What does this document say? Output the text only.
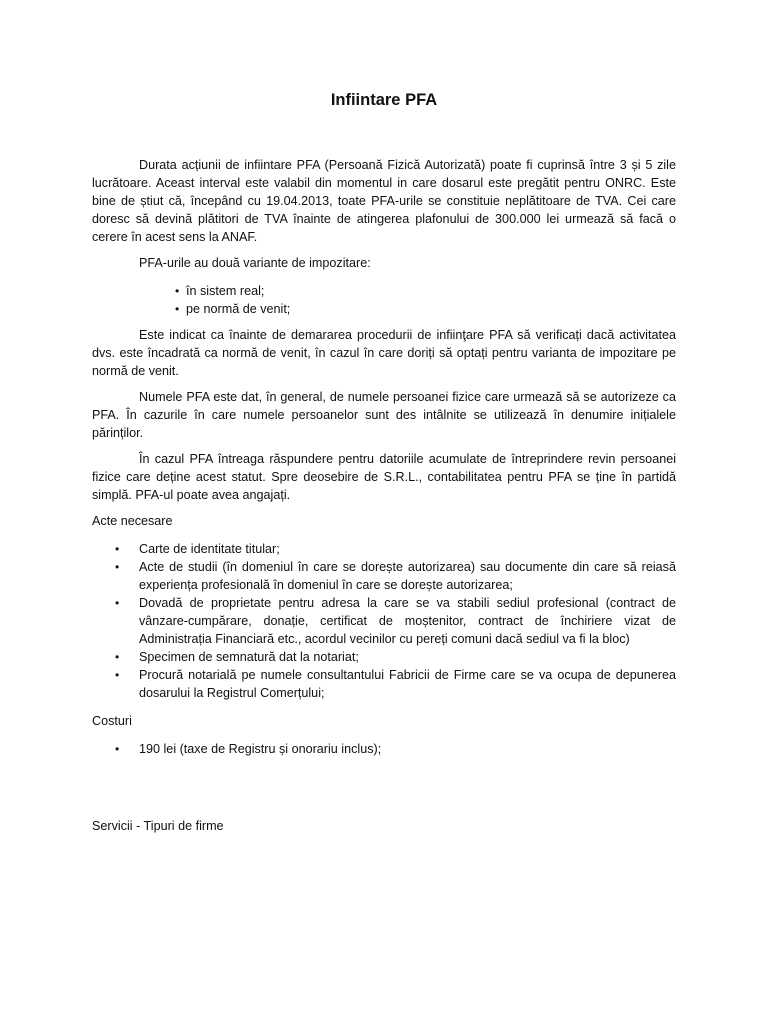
Infiintare PFA

Durata acțiunii de infiintare PFA (Persoană Fizică Autorizată) poate fi cuprinsă între 3 și 5 zile lucrătoare. Aceast interval este valabil din momentul in care dosarul este pregătit pentru ONRC. Este bine de știut că, începând cu 19.04.2013, toate PFA-urile se constituie neplătitoare de TVA. Cei care doresc să devină plătitori de TVA înainte de atingerea plafonului de 300.000 lei urmează să facă o cerere în acest sens la ANAF.

PFA-urile au două variante de impozitare:

• în sistem real;
• pe normă de venit;

Este indicat ca înainte de demararea procedurii de infiinţare PFA să verificați dacă activitatea dvs. este încadrată ca normă de venit, în cazul în care doriți să optați pentru varianta de impozitare pe normă de venit.

Numele PFA este dat, în general, de numele persoanei fizice care urmează să se autorizeze ca PFA. În cazurile în care numele persoanelor sunt des intâlnite se utilizează în denumire inițialele părinților.

În cazul PFA întreaga răspundere pentru datoriile acumulate de întreprindere revin persoanei fizice care deține acest statut. Spre deosebire de S.R.L., contabilitatea pentru PFA se ține în partidă simplă. PFA-ul poate avea angajați.

Acte necesare
• Carte de identitate titular;
• Acte de studii (în domeniul în care se dorește autorizarea) sau documente din care să reiasă experiența profesională în domeniul în care se dorește autorizarea;
• Dovadă de proprietate pentru adresa la care se va stabili sediul profesional (contract de vânzare-cumpărare, donație, certificat de moștenitor, contract de închiriere vizat de Administrația Financiară etc., acordul vecinilor cu pereți comuni dacă sediul va fi la bloc)
• Specimen de semnatură dat la notariat;
• Procură notarială pe numele consultantului Fabricii de Firme care se va ocupa de depunerea dosarului la Registrul Comerțului;
Costuri
• 190 lei (taxe de Registru și onorariu inclus);
Servicii - Tipuri de firme
